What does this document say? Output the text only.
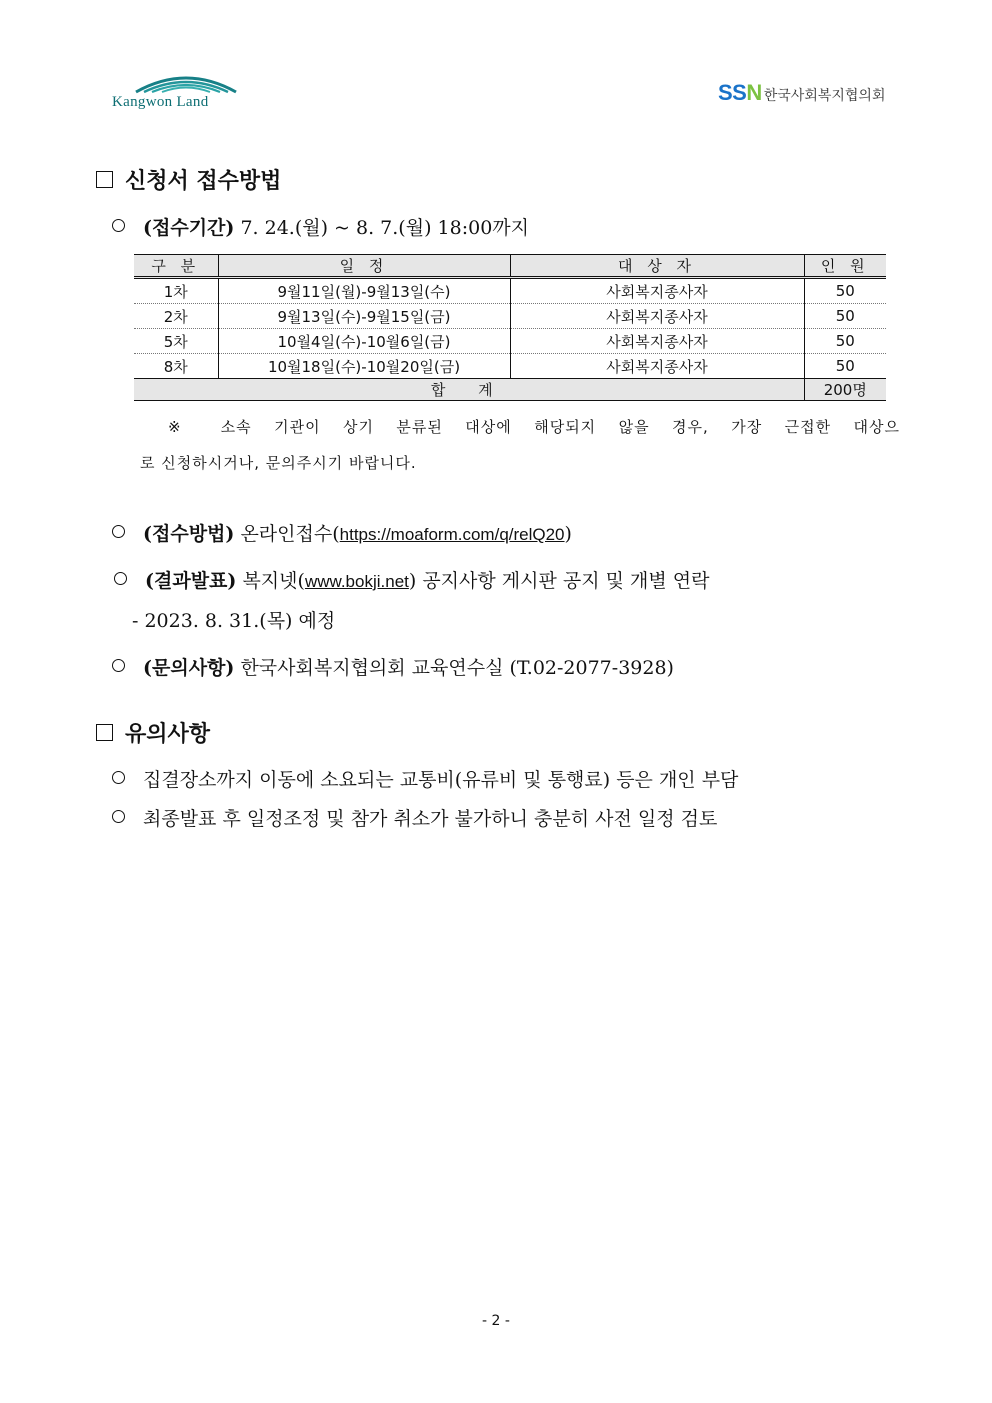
Kangwon Land	SSN 한국사회복지협의회
신청서 접수방법
(접수기간) 7. 24.(월) ~ 8. 7.(월) 18:00까지
구 분	일 정	대 상 자	인 원
1차	9월11일(월)-9월13일(수)	사회복지종사자	50
2차	9월13일(수)-9월15일(금)	사회복지종사자	50
5차	10월4일(수)-10월6일(금)	사회복지종사자	50
8차	10월18일(수)-10월20일(금)	사회복지종사자	50
합 계			200명
※ 소속 기관이 상기 분류된 대상에 해당되지 않을 경우, 가장 근접한 대상으
로 신청하시거나, 문의주시기 바랍니다.
(접수방법) 온라인접수(https://moaform.com/q/relQ20)
(결과발표) 복지넷(www.bokji.net) 공지사항 게시판 공지 및 개별 연락
- 2023. 8. 31.(목) 예정
(문의사항) 한국사회복지협의회 교육연수실 (T.02-2077-3928)
유의사항
집결장소까지 이동에 소요되는 교통비(유류비 및 통행료) 등은 개인 부담
최종발표 후 일정조정 및 참가 취소가 불가하니 충분히 사전 일정 검토
- 2 -
